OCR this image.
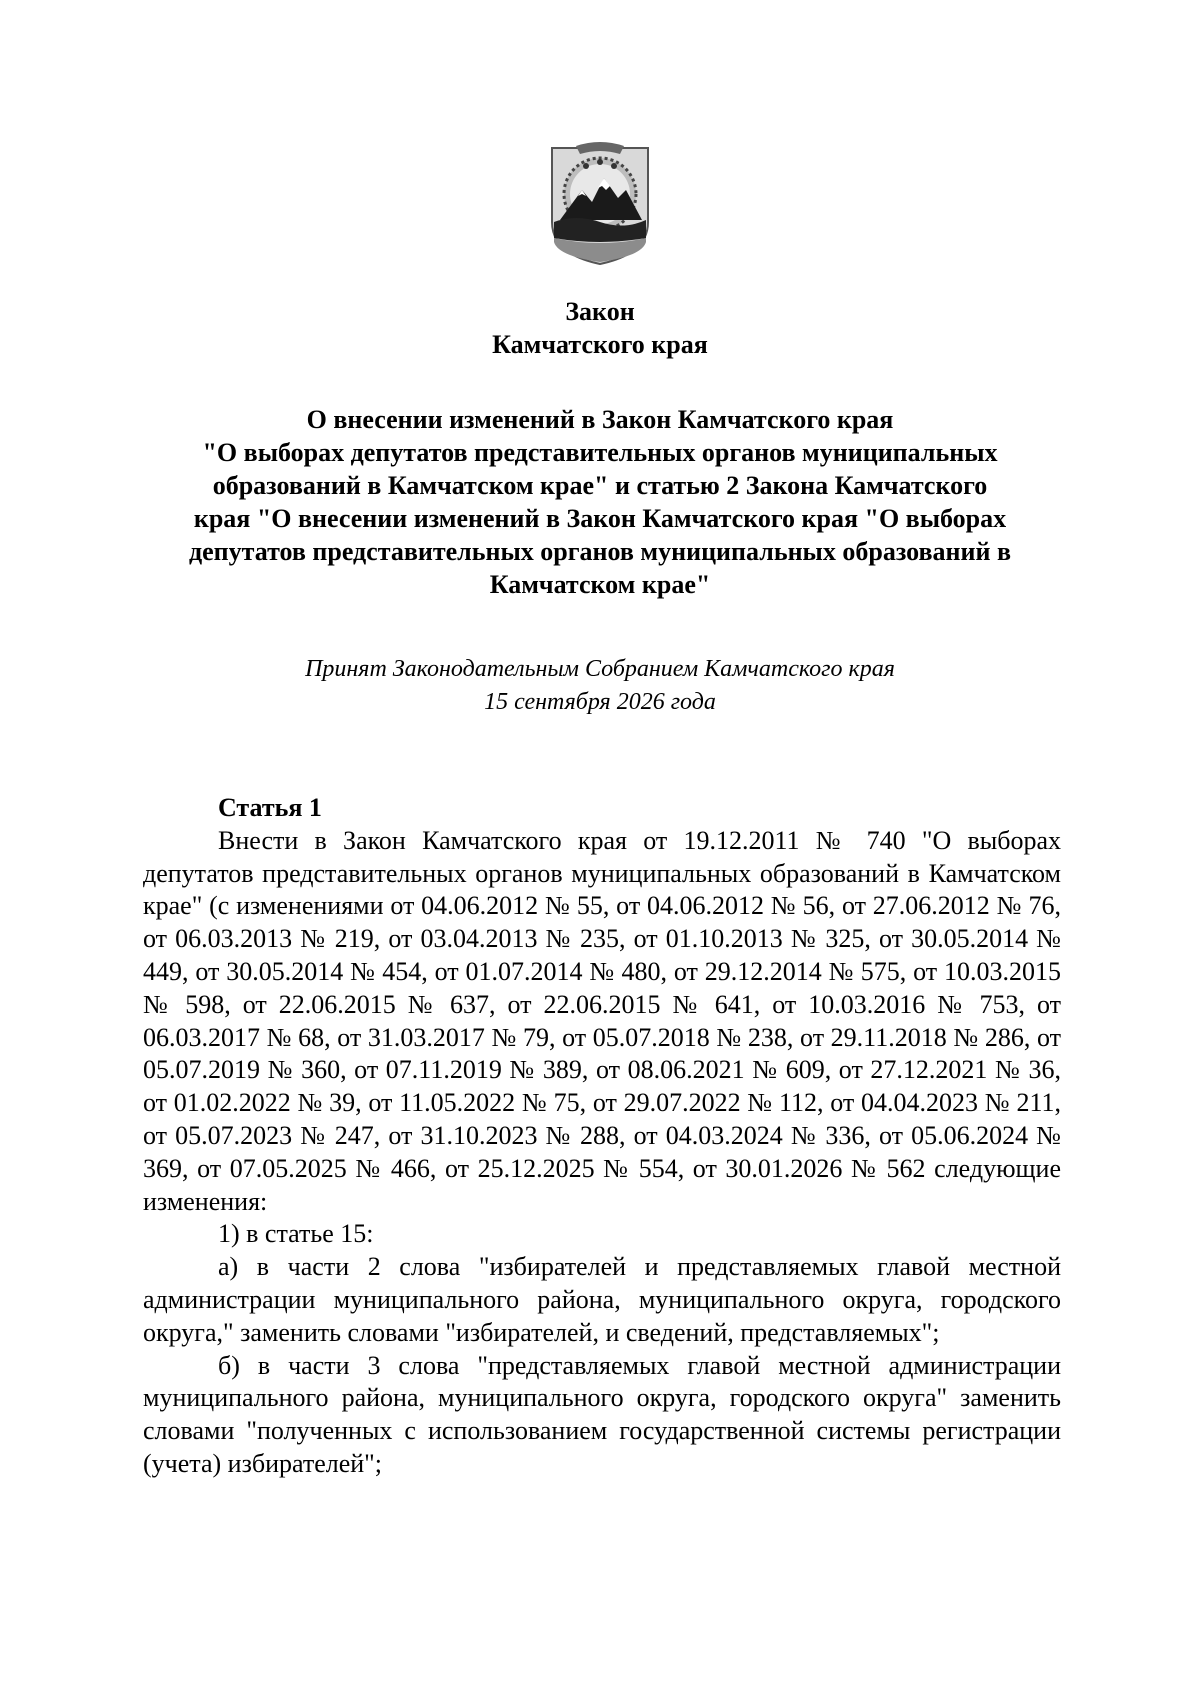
Закон
Камчатского края
О внесении изменений в Закон Камчатского края
"О выборах депутатов представительных органов муниципальных
образований в Камчатском крае" и статью 2 Закона Камчатского
края "О внесении изменений в Закон Камчатского края "О выборах
депутатов представительных органов муниципальных образований в
Камчатском крае"
Принят Законодательным Собранием Камчатского края
15 сентября 2026 года

Статья 1

Внести в Закон Камчатского края от 19.12.2011 № 740 "О выборах депутатов представительных органов муниципальных образований в Камчатском крае" (с изменениями от 04.06.2012 № 55, от 04.06.2012 № 56, от 27.06.2012 № 76, от 06.03.2013 № 219, от 03.04.2013 № 235, от 01.10.2013 № 325, от 30.05.2014 № 449, от 30.05.2014 № 454, от 01.07.2014 № 480, от 29.12.2014 № 575, от 10.03.2015 № 598, от 22.06.2015 № 637, от 22.06.2015 № 641, от 10.03.2016 № 753, от 06.03.2017 № 68, от 31.03.2017 № 79, от 05.07.2018 № 238, от 29.11.2018 № 286, от 05.07.2019 № 360, от 07.11.2019 № 389, от 08.06.2021 № 609, от 27.12.2021 № 36, от 01.02.2022 № 39, от 11.05.2022 № 75, от 29.07.2022 № 112, от 04.04.2023 № 211, от 05.07.2023 № 247, от 31.10.2023 № 288, от 04.03.2024 № 336, от 05.06.2024 № 369, от 07.05.2025 № 466, от 25.12.2025 № 554, от 30.01.2026 № 562 следующие изменения:

1) в статье 15:

а) в части 2 слова "избирателей и представляемых главой местной администрации муниципального района, муниципального округа, городского округа," заменить словами "избирателей, и сведений, представляемых";

б) в части 3 слова "представляемых главой местной администрации муниципального района, муниципального округа, городского округа" заменить словами "полученных с использованием государственной системы регистрации (учета) избирателей";
